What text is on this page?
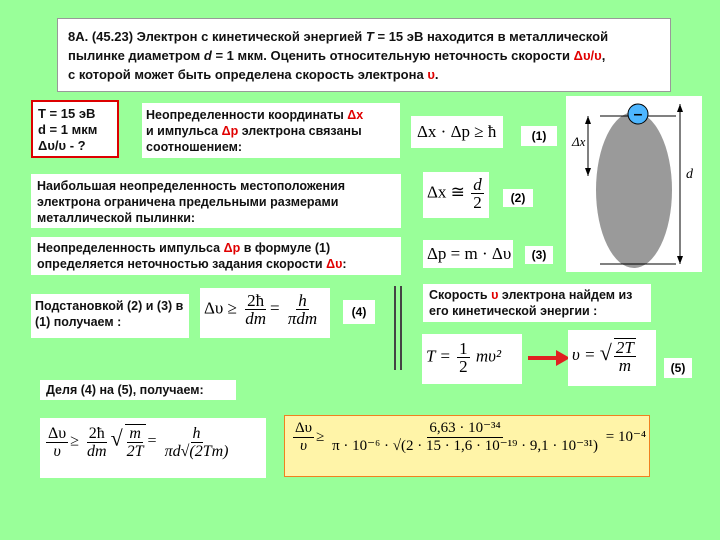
8А. (45.23) Электрон с кинетической энергией T = 15 эВ находится в металлической
пылинке диаметром d = 1 мкм. Оценить относительную неточность скорости Δυ/υ,
с которой может быть определена скорость электрона υ.
T = 15 эВ
d = 1 мкм
Δυ/υ - ?
Неопределенности координаты Δx
и импульса Δp электрона связаны
соотношением:
Δx · Δp ≥ ħ	(1)
Наибольшая неопределенность местоположения электрона ограничена предельными размерами металлической пылинки:
Δx ≅ $\frac{d}{2}$	(2)
Неопределенность импульса Δp в формуле (1)
определяется неточностью задания скорости Δυ:
Δp = m · Δυ	(3)
Подстановкой (2) и (3) в (1) получаем :
$\Delta\upsilon \ge \frac{2ħ}{dm} = \frac{h}{\text{πdm}}$	(4)
Скорость υ электрона найдем из его кинетической энергии :
$T = \frac{1}{2} m\upsilon^2$	υ = √ $\frac{2T}{m}$	(5)
Деля (4) на (5), получаем:
$\frac{\Delta\upsilon}{\upsilon} \ge \frac{2ħ}{dm}$ √ $\frac{m}{2T} = \frac{h}{\pi d√(2Tm)}$	$\frac{\Delta\upsilon}{\upsilon} \ge \frac{\text{6,63 · 10⁻³⁴}}{\text{π · 10⁻⁶ · √(2 · 15 · 1,6 · 10⁻¹⁹ · 9,1 · 10⁻³¹)}} = 10^{-4}$
–
Δx
d
